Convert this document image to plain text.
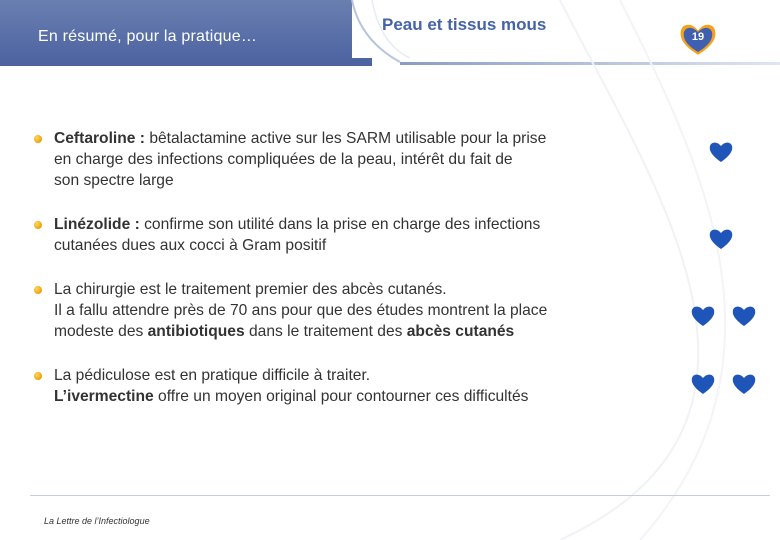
En résumé, pour la pratique…
Peau et tissus mous
19
Ceftaroline : bêtalactamine active sur les SARM utilisable pour la prise
en charge des infections compliquées de la peau, intérêt du fait de
son spectre large
Linézolide : confirme son utilité dans la prise en charge des infections
cutanées dues aux cocci à Gram positif
La chirurgie est le traitement premier des abcès cutanés.
Il a fallu attendre près de 70 ans pour que des études montrent la place
modeste des antibiotiques dans le traitement des abcès cutanés
La pédiculose est en pratique difficile à traiter.
L’ivermectine offre un moyen original pour contourner ces difficultés
La Lettre de l’Infectiologue
